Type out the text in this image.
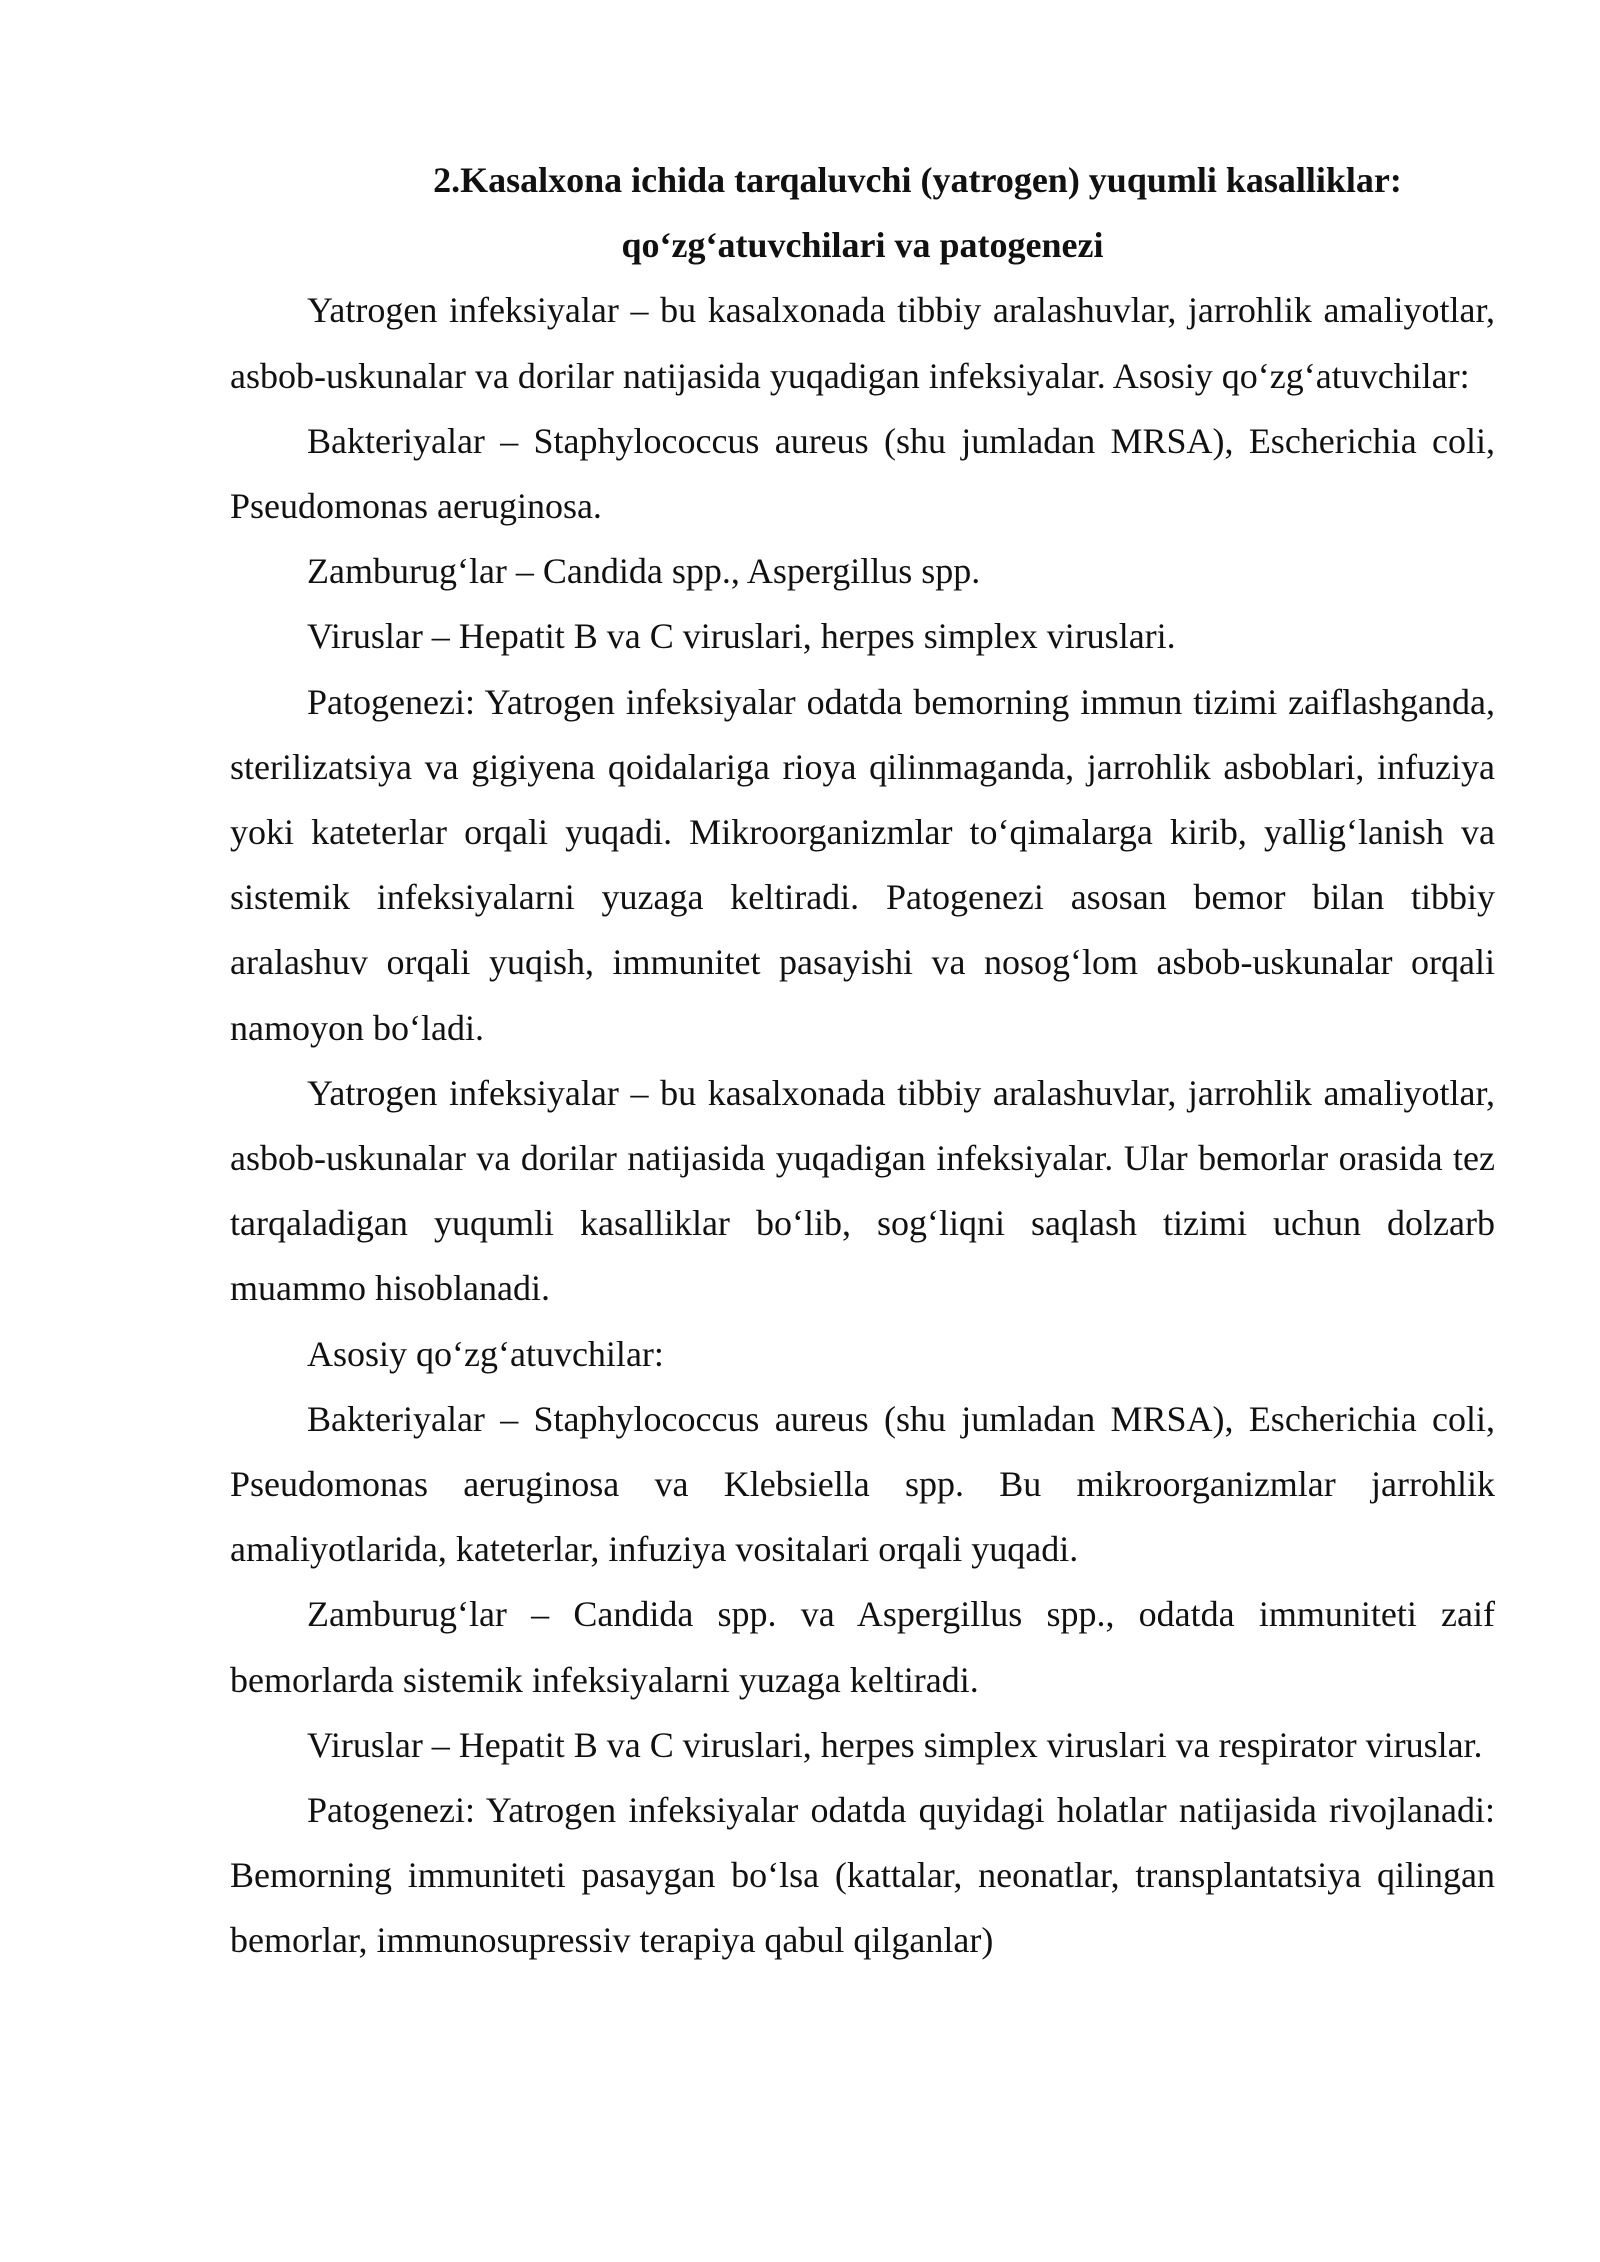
2.Kasalxona ichida tarqaluvchi (yatrogen) yuqumli kasalliklar:
qo‘zg‘atuvchilari va patogenezi

Yatrogen infeksiyalar – bu kasalxonada tibbiy aralashuvlar, jarrohlik amaliyotlar, asbob-uskunalar va dorilar natijasida yuqadigan infeksiyalar. Asosiy qo‘zg‘atuvchilar:

Bakteriyalar – Staphylococcus aureus (shu jumladan MRSA), Escherichia coli, Pseudomonas aeruginosa.

Zamburug‘lar – Candida spp., Aspergillus spp.

Viruslar – Hepatit B va C viruslari, herpes simplex viruslari.

Patogenezi: Yatrogen infeksiyalar odatda bemorning immun tizimi zaiflashganda, sterilizatsiya va gigiyena qoidalariga rioya qilinmaganda, jarrohlik asboblari, infuziya yoki kateterlar orqali yuqadi. Mikroorganizmlar to‘qimalarga kirib, yallig‘lanish va sistemik infeksiyalarni yuzaga keltiradi. Patogenezi asosan bemor bilan tibbiy aralashuv orqali yuqish, immunitet pasayishi va nosog‘lom asbob-uskunalar orqali namoyon bo‘ladi.

Yatrogen infeksiyalar – bu kasalxonada tibbiy aralashuvlar, jarrohlik amaliyotlar, asbob-uskunalar va dorilar natijasida yuqadigan infeksiyalar. Ular bemorlar orasida tez tarqaladigan yuqumli kasalliklar bo‘lib, sog‘liqni saqlash tizimi uchun dolzarb muammo hisoblanadi.

Asosiy qo‘zg‘atuvchilar:

Bakteriyalar – Staphylococcus aureus (shu jumladan MRSA), Escherichia coli, Pseudomonas aeruginosa va Klebsiella spp. Bu mikroorganizmlar jarrohlik amaliyotlarida, kateterlar, infuziya vositalari orqali yuqadi.

Zamburug‘lar – Candida spp. va Aspergillus spp., odatda immuniteti zaif bemorlarda sistemik infeksiyalarni yuzaga keltiradi.

Viruslar – Hepatit B va C viruslari, herpes simplex viruslari va respirator viruslar.

Patogenezi: Yatrogen infeksiyalar odatda quyidagi holatlar natijasida rivojlanadi: Bemorning immuniteti pasaygan bo‘lsa (kattalar, neonatlar, transplantatsiya qilingan bemorlar, immunosupressiv terapiya qabul qilganlar)
